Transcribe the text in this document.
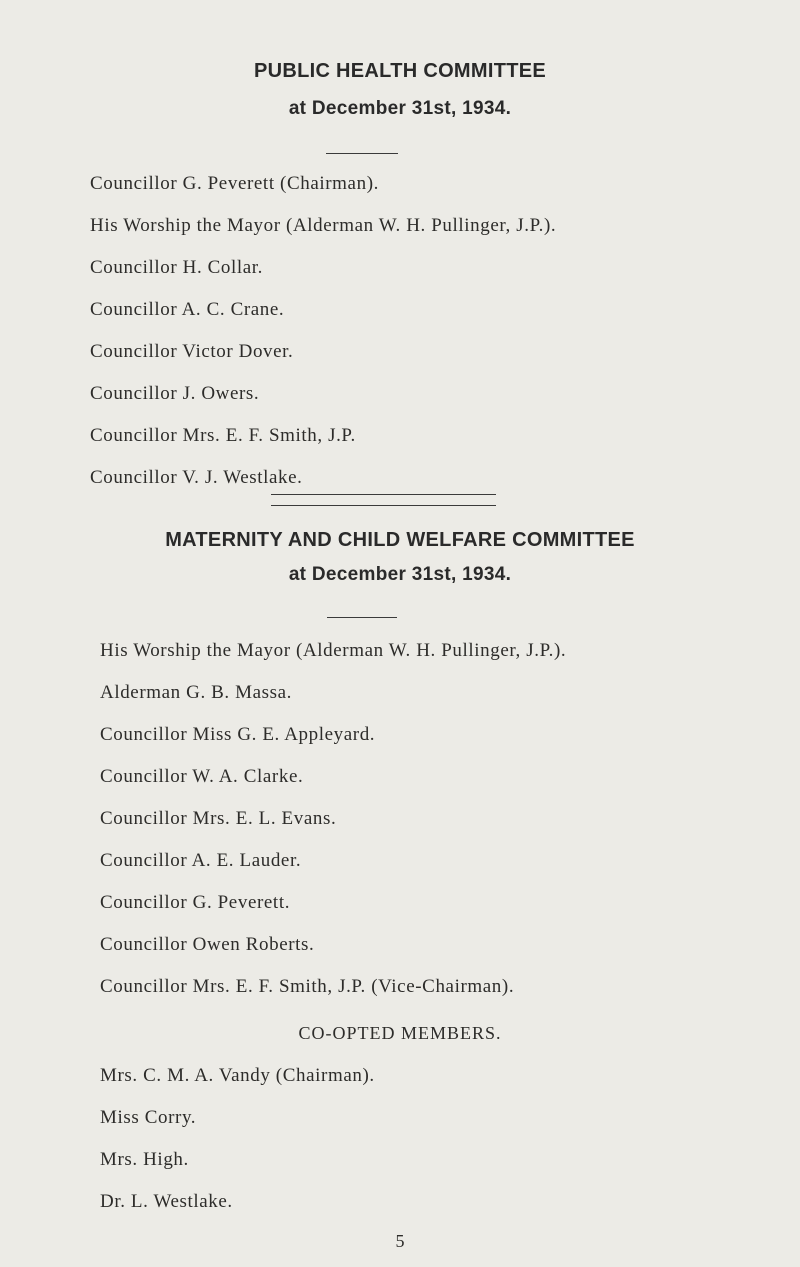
PUBLIC HEALTH COMMITTEE
at December 31st, 1934.
Councillor G. Peverett (Chairman).
His Worship the Mayor (Alderman W. H. Pullinger, J.P.).
Councillor H. Collar.
Councillor A. C. Crane.
Councillor Victor Dover.
Councillor J. Owers.
Councillor Mrs. E. F. Smith, J.P.
Councillor V. J. Westlake.
MATERNITY AND CHILD WELFARE COMMITTEE
at December 31st, 1934.
His Worship the Mayor (Alderman W. H. Pullinger, J.P.).
Alderman G. B. Massa.
Councillor Miss G. E. Appleyard.
Councillor W. A. Clarke.
Councillor Mrs. E. L. Evans.
Councillor A. E. Lauder.
Councillor G. Peverett.
Councillor Owen Roberts.
Councillor Mrs. E. F. Smith, J.P. (Vice-Chairman).
CO-OPTED MEMBERS.
Mrs. C. M. A. Vandy (Chairman).
Miss Corry.
Mrs. High.
Dr. L. Westlake.
5
